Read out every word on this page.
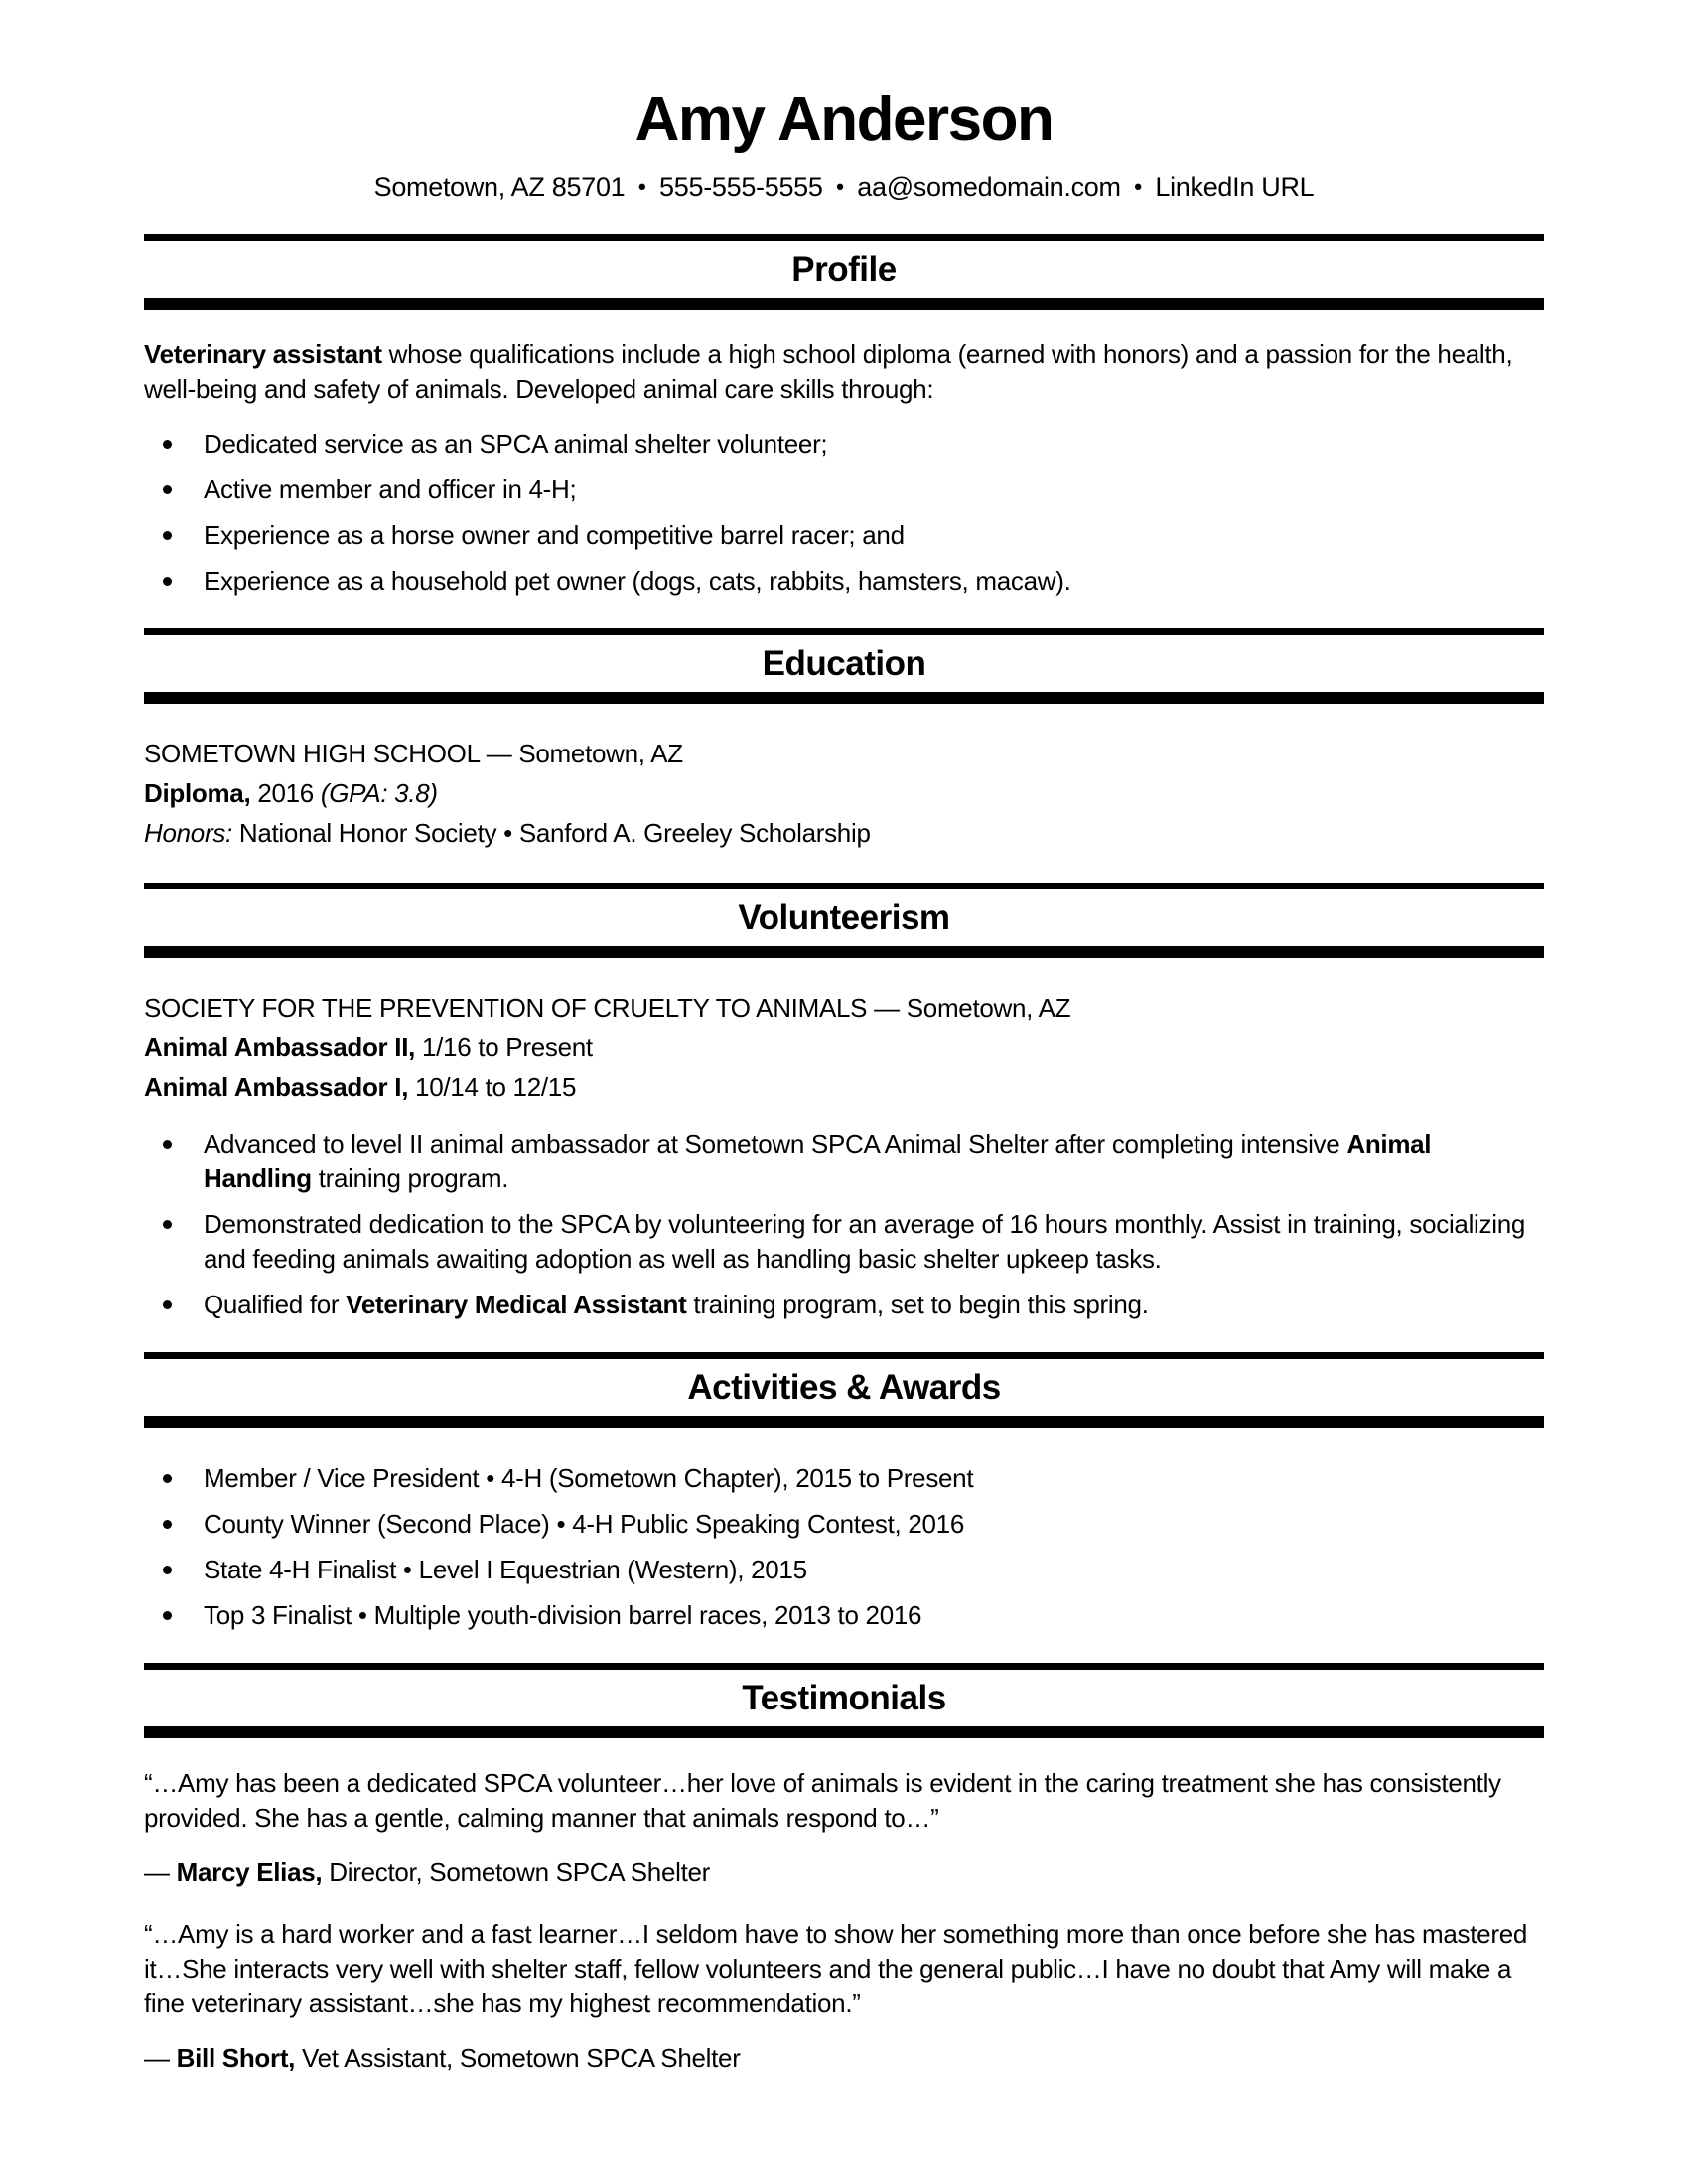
Amy Anderson
Sometown, AZ 85701 ● 555-555-5555 ● aa@somedomain.com ● LinkedIn URL
Profile

Veterinary assistant whose qualifications include a high school diploma (earned with honors) and a passion for the health, well-being and safety of animals. Developed animal care skills through:

Dedicated service as an SPCA animal shelter volunteer;
Active member and officer in 4-H;
Experience as a horse owner and competitive barrel racer; and
Experience as a household pet owner (dogs, cats, rabbits, hamsters, macaw).
Education

SOMETOWN HIGH SCHOOL — Sometown, AZ

Diploma, 2016 (GPA: 3.8)

Honors: National Honor Society • Sanford A. Greeley Scholarship

Volunteerism

SOCIETY FOR THE PREVENTION OF CRUELTY TO ANIMALS — Sometown, AZ

Animal Ambassador II, 1/16 to Present

Animal Ambassador I, 10/14 to 12/15

Advanced to level II animal ambassador at Sometown SPCA Animal Shelter after completing intensive Animal Handling training program.
Demonstrated dedication to the SPCA by volunteering for an average of 16 hours monthly. Assist in training, socializing and feeding animals awaiting adoption as well as handling basic shelter upkeep tasks.
Qualified for Veterinary Medical Assistant training program, set to begin this spring.
Activities & Awards
Member / Vice President • 4-H (Sometown Chapter), 2015 to Present
County Winner (Second Place) • 4-H Public Speaking Contest, 2016
State 4-H Finalist • Level I Equestrian (Western), 2015
Top 3 Finalist • Multiple youth-division barrel races, 2013 to 2016
Testimonials

“…Amy has been a dedicated SPCA volunteer…her love of animals is evident in the caring treatment she has consistently provided. She has a gentle, calming manner that animals respond to…”

— Marcy Elias, Director, Sometown SPCA Shelter

“…Amy is a hard worker and a fast learner…I seldom have to show her something more than once before she has mastered it…She interacts very well with shelter staff, fellow volunteers and the general public…I have no doubt that Amy will make a fine veterinary assistant…she has my highest recommendation.”

— Bill Short, Vet Assistant, Sometown SPCA Shelter
